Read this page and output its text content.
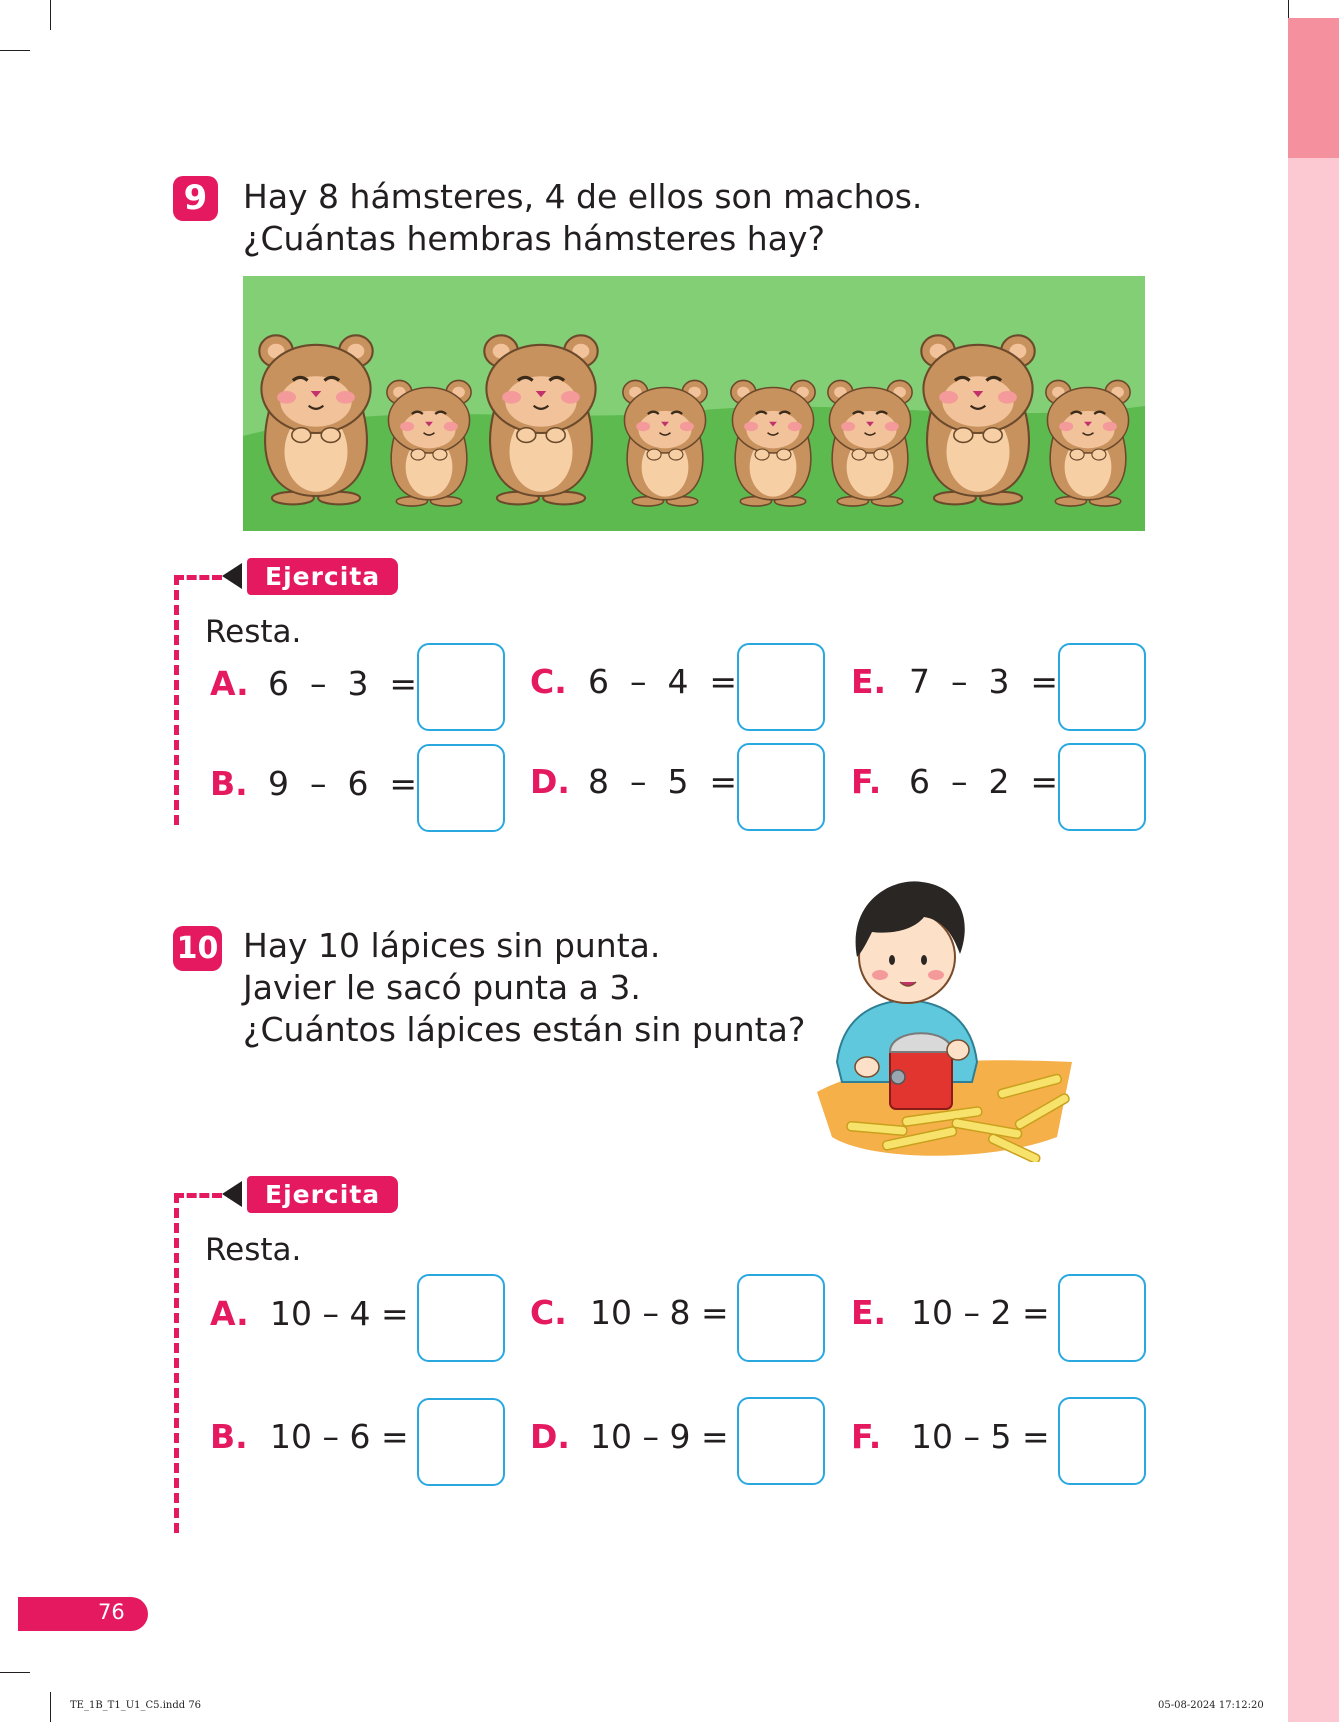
9	Hay 8 hámsteres, 4 de ellos son machos.
¿Cuántas hembras hámsteres hay?
Ejercita
Resta.
A. 6  –  3  =
B. 9  –  6  =
C. 6  –  4  =
D. 8  –  5  =
E. 7  –  3  =
F. 6  –  2  =
10 Hay 10 lápices sin punta.
Javier le sacó punta a 3.
¿Cuántos lápices están sin punta?
Ejercita
Resta.
A. 10 – 4 =
B. 10 – 6 =
C. 10 – 8 =
D. 10 – 9 =
E. 10 – 2 =
F. 10 – 5 =
76
TE_1B_T1_U1_C5.indd 76	05-08-2024 17:12:20
